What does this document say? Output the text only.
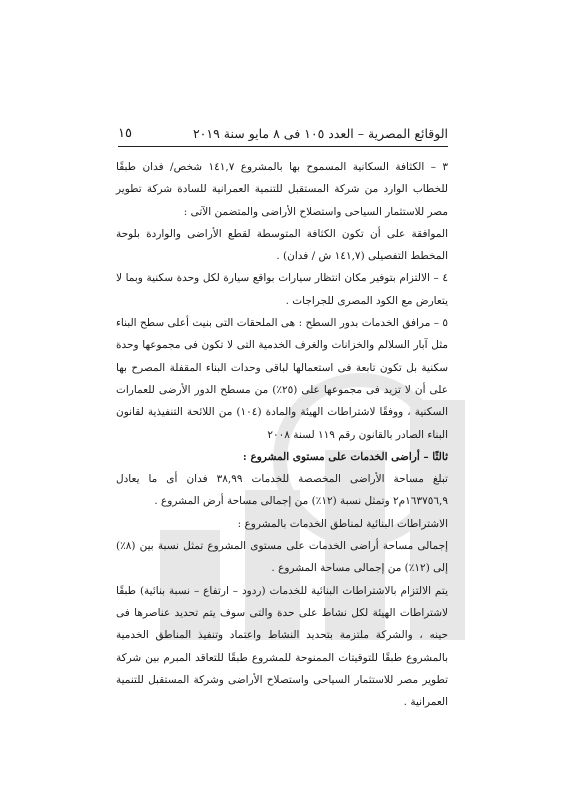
الوقائع المصرية – العدد ١٠٥ فى ٨ مايو سنة ٢٠١٩
١٥

٣ – الكثافة السكانية المسموح بها بالمشروع ١٤١,٧ شخص/ فدان طبقًا للخطاب الوارد من شركة المستقبل للتنمية العمرانية للسادة شركة تطوير مصر للاستثمار السياحى واستصلاح الأراضى والمتضمن الآتى :

الموافقة على أن تكون الكثافة المتوسطة لقطع الأراضى والواردة بلوحة المخطط التفصيلى (١٤١,٧ ش / فدان) .

٤ – الالتزام بتوفير مكان انتظار سيارات بواقع سيارة لكل وحدة سكنية وبما لا يتعارض مع الكود المصرى للجراجات .

٥ – مرافق الخدمات بدور السطح : هى الملحقات التى بنيت أعلى سطح البناء مثل آبار السلالم والخزانات والغرف الخدمية التى لا تكون فى مجموعها وحدة سكنية بل تكون تابعة فى استعمالها لباقى وحدات البناء المقفلة المصرح بها على أن لا تزيد فى مجموعها على (٢٥٪) من مسطح الدور الأرضى للعمارات السكنية ، ووفقًا لاشتراطات الهيئة والمادة (١٠٤) من اللائحة التنفيذية لقانون البناء الصادر بالقانون رقم ١١٩ لسنة ٢٠٠٨

ثالثًا – أراضى الخدمات على مستوى المشروع :

تبلغ مساحة الأراضى المخصصة للخدمات ٣٨,٩٩ فدان أى ما يعادل ١٦٣٧٥٦,٩م٢ وتمثل نسبة (١٢٪) من إجمالى مساحة أرض المشروع .

الاشتراطات البنائية لمناطق الخدمات بالمشروع :

إجمالى مساحة أراضى الخدمات على مستوى المشروع تمثل نسبة بين (٨٪) إلى (١٢٪) من إجمالى مساحة المشروع .

يتم الالتزام بالاشتراطات البنائية للخدمات (ردود – ارتفاع – نسبة بنائية) طبقًا لاشتراطات الهيئة لكل نشاط على حدة والتى سوف يتم تحديد عناصرها فى حينه ، والشركة ملتزمة بتحديد النشاط واعتماد وتنفيذ المناطق الخدمية بالمشروع طبقًا للتوقيتات الممنوحة للمشروع طبقًا للتعاقد المبرم بين شركة تطوير مصر للاستثمار السياحى واستصلاح الأراضى وشركة المستقبل للتنمية العمرانية .
